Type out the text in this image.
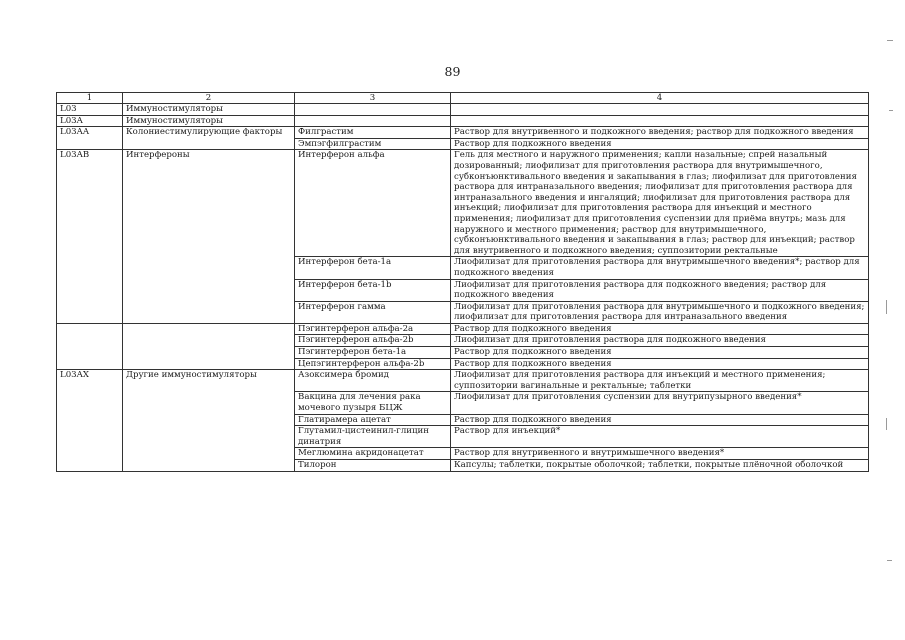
89
1	2	3	4
L03	Иммуностимуляторы		
L03A	Иммуностимуляторы		
L03AA	Колониестимулирующие факторы	Филграстим	Раствор для внутривенного и подкожного введения; раствор для подкожного введения
		Эмпэгфилграстим	Раствор для подкожного введения
L03AB	Интерфероны	Интерферон альфа	Гель для местного и наружного применения; капли назальные; спрей назальный дозированный; лиофилизат для приготовления раствора для внутримышечного, субконъюнктивального введения и закапывания в глаз; лиофилизат для приготовления раствора для интраназального введения; лиофилизат для приготовления раствора для интраназального введения и ингаляций; лиофилизат для приготовления раствора для инъекций; лиофилизат для приготовления раствора для инъекций и местного применения; лиофилизат для приготовления суспензии для приёма внутрь; мазь для наружного и местного применения; раствор для внутримышечного, субконъюнктивального введения и закапывания в глаз; раствор для инъекций; раствор для внутривенного и подкожного введения; суппозитории ректальные
		Интерферон бета-1a	Лиофилизат для приготовления раствора для внутримышечного введения*; раствор для подкожного введения
		Интерферон бета-1b	Лиофилизат для приготовления раствора для подкожного введения; раствор для подкожного введения
		Интерферон гамма	Лиофилизат для приготовления раствора для внутримышечного и подкожного введения; лиофилизат для приготовления раствора для интраназального введения
		Пэгинтерферон альфа-2a	Раствор для подкожного введения
		Пэгинтерферон альфа-2b	Лиофилизат для приготовления раствора для подкожного введения
		Пэгинтерферон бета-1a	Раствор для подкожного введения
		Цепэгинтерферон альфа-2b	Раствор для подкожного введения
L03AX	Другие иммуностимуляторы	Азоксимера бромид	Лиофилизат для приготовления раствора для инъекций и местного применения; суппозитории вагинальные и ректальные; таблетки
		Вакцина для лечения рака мочевого пузыря БЦЖ	Лиофилизат для приготовления суспензии для внутрипузырного введения*
		Глатирамера ацетат	Раствор для подкожного введения
		Глутамил-цистеинил-глицин динатрия	Раствор для инъекций*
		Меглюмина акридонацетат	Раствор для внутривенного и внутримышечного введения*
		Тилорон	Капсулы; таблетки, покрытые оболочкой; таблетки, покрытые плёночной оболочкой
